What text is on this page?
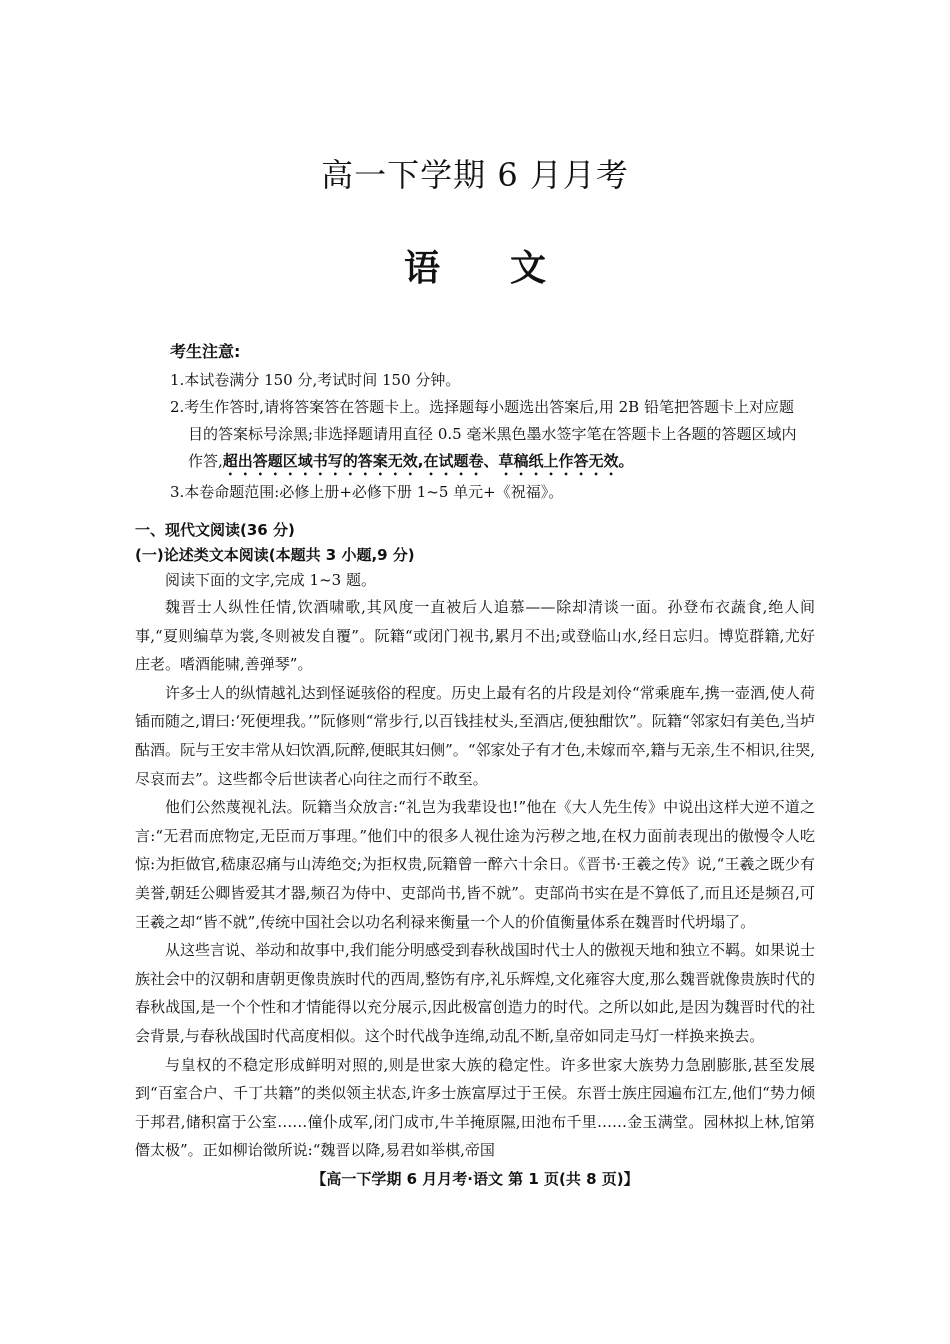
高一下学期 6 月月考
语文

考生注意:

1.本试卷满分 150 分,考试时间 150 分钟。

2.考生作答时,请将答案答在答题卡上。选择题每小题选出答案后,用 2B 铅笔把答题卡上对应题目的答案标号涂黑;非选择题请用直径 0.5 毫米黑色墨水签字笔在答题卡上各题的答题区域内作答,超出答题区域书写的答案无效,在试题卷、草稿纸上作答无效。

3.本卷命题范围:必修上册+必修下册 1~5 单元+《祝福》。

一、现代文阅读(36 分)

(一)论述类文本阅读(本题共 3 小题,9 分)

阅读下面的文字,完成 1~3 题。

魏晋士人纵性任情,饮酒啸歌,其风度一直被后人追慕——除却清谈一面。孙登布衣蔬食,绝人间事,“夏则编草为裳,冬则被发自覆”。阮籍“或闭门视书,累月不出;或登临山水,经日忘归。博览群籍,尤好庄老。嗜酒能啸,善弹琴”。

许多士人的纵情越礼达到怪诞骇俗的程度。历史上最有名的片段是刘伶“常乘鹿车,携一壶酒,使人荷锸而随之,谓曰:‘死便埋我。’”阮修则“常步行,以百钱挂杖头,至酒店,便独酣饮”。阮籍“邻家妇有美色,当垆酤酒。阮与王安丰常从妇饮酒,阮醉,便眠其妇侧”。“邻家处子有才色,未嫁而卒,籍与无亲,生不相识,往哭,尽哀而去”。这些都令后世读者心向往之而行不敢至。

他们公然蔑视礼法。阮籍当众放言:“礼岂为我辈设也!”他在《大人先生传》中说出这样大逆不道之言:“无君而庶物定,无臣而万事理。”他们中的很多人视仕途为污秽之地,在权力面前表现出的傲慢令人吃惊:为拒做官,嵇康忍痛与山涛绝交;为拒权贵,阮籍曾一醉六十余日。《晋书·王羲之传》说,“王羲之既少有美誉,朝廷公卿皆爱其才器,频召为侍中、吏部尚书,皆不就”。吏部尚书实在是不算低了,而且还是频召,可王羲之却“皆不就”,传统中国社会以功名利禄来衡量一个人的价值衡量体系在魏晋时代坍塌了。

从这些言说、举动和故事中,我们能分明感受到春秋战国时代士人的傲视天地和独立不羁。如果说士族社会中的汉朝和唐朝更像贵族时代的西周,整饬有序,礼乐辉煌,文化雍容大度,那么魏晋就像贵族时代的春秋战国,是一个个性和才情能得以充分展示,因此极富创造力的时代。之所以如此,是因为魏晋时代的社会背景,与春秋战国时代高度相似。这个时代战争连绵,动乱不断,皇帝如同走马灯一样换来换去。

与皇权的不稳定形成鲜明对照的,则是世家大族的稳定性。许多世家大族势力急剧膨胀,甚至发展到“百室合户、千丁共籍”的类似领主状态,许多士族富厚过于王侯。东晋士族庄园遍布江左,他们“势力倾于邦君,储积富于公室……僮仆成军,闭门成市,牛羊掩原隰,田池布千里……金玉满堂。园林拟上林,馆第僭太极”。正如柳诒徵所说:“魏晋以降,易君如举棋,帝国

【高一下学期 6 月月考·语文 第 1 页(共 8 页)】
